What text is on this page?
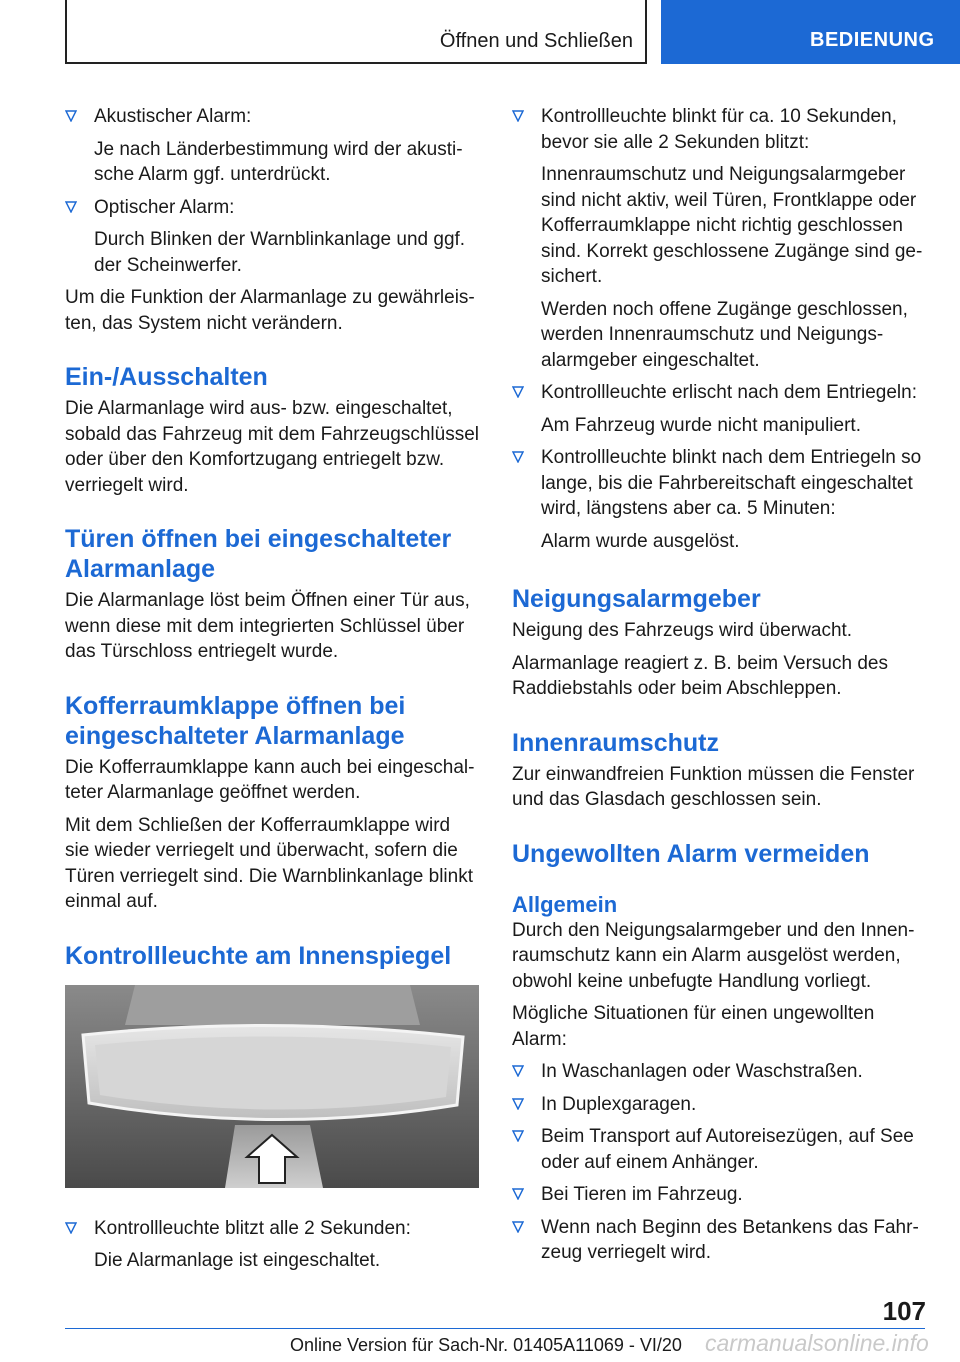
Öffnen und Schließen	BEDIENUNG

Akustischer Alarm:

Je nach Länderbestimmung wird der akusti- sche Alarm ggf. unterdrückt.

Optischer Alarm:

Durch Blinken der Warnblinkanlage und ggf. der Scheinwerfer.

Um die Funktion der Alarmanlage zu gewährleis- ten, das System nicht verändern.

Ein-/Ausschalten

Die Alarmanlage wird aus- bzw. eingeschaltet, sobald das Fahrzeug mit dem Fahrzeugschlüssel oder über den Komfortzugang entriegelt bzw. verriegelt wird.

Türen öffnen bei eingeschalteter Alarmanlage

Die Alarmanlage löst beim Öffnen einer Tür aus, wenn diese mit dem integrierten Schlüssel über das Türschloss entriegelt wurde.

Kofferraumklappe öffnen bei eingeschalteter Alarmanlage

Die Kofferraumklappe kann auch bei eingeschal- teter Alarmanlage geöffnet werden.

Mit dem Schließen der Kofferraumklappe wird sie wieder verriegelt und überwacht, sofern die Türen verriegelt sind. Die Warnblinkanlage blinkt einmal auf.

Kontrollleuchte am Innenspiegel

Kontrollleuchte blitzt alle 2 Sekunden:

Die Alarmanlage ist eingeschaltet.

Kontrollleuchte blinkt für ca. 10 Sekunden, bevor sie alle 2 Sekunden blitzt:

Innenraumschutz und Neigungsalarmgeber sind nicht aktiv, weil Türen, Frontklappe oder Kofferraumklappe nicht richtig geschlossen sind. Korrekt geschlossene Zugänge sind ge- sichert.

Werden noch offene Zugänge geschlossen, werden Innenraumschutz und Neigungs- alarmgeber eingeschaltet.

Kontrollleuchte erlischt nach dem Entriegeln:

Am Fahrzeug wurde nicht manipuliert.

Kontrollleuchte blinkt nach dem Entriegeln so lange, bis die Fahrbereitschaft eingeschaltet wird, längstens aber ca. 5 Minuten:

Alarm wurde ausgelöst.

Neigungsalarmgeber

Neigung des Fahrzeugs wird überwacht.

Alarmanlage reagiert z. B. beim Versuch des Raddiebstahls oder beim Abschleppen.

Innenraumschutz

Zur einwandfreien Funktion müssen die Fenster und das Glasdach geschlossen sein.

Ungewollten Alarm vermeiden
Allgemein

Durch den Neigungsalarmgeber und den Innen- raumschutz kann ein Alarm ausgelöst werden, obwohl keine unbefugte Handlung vorliegt.

Mögliche Situationen für einen ungewollten Alarm:

In Waschanlagen oder Waschstraßen.

In Duplexgaragen.

Beim Transport auf Autoreisezügen, auf See oder auf einem Anhänger.

Bei Tieren im Fahrzeug.

Wenn nach Beginn des Betankens das Fahr- zeug verriegelt wird.

107
Online Version für Sach-Nr. 01405A11069 - VI/20 carmanualsonline.info
